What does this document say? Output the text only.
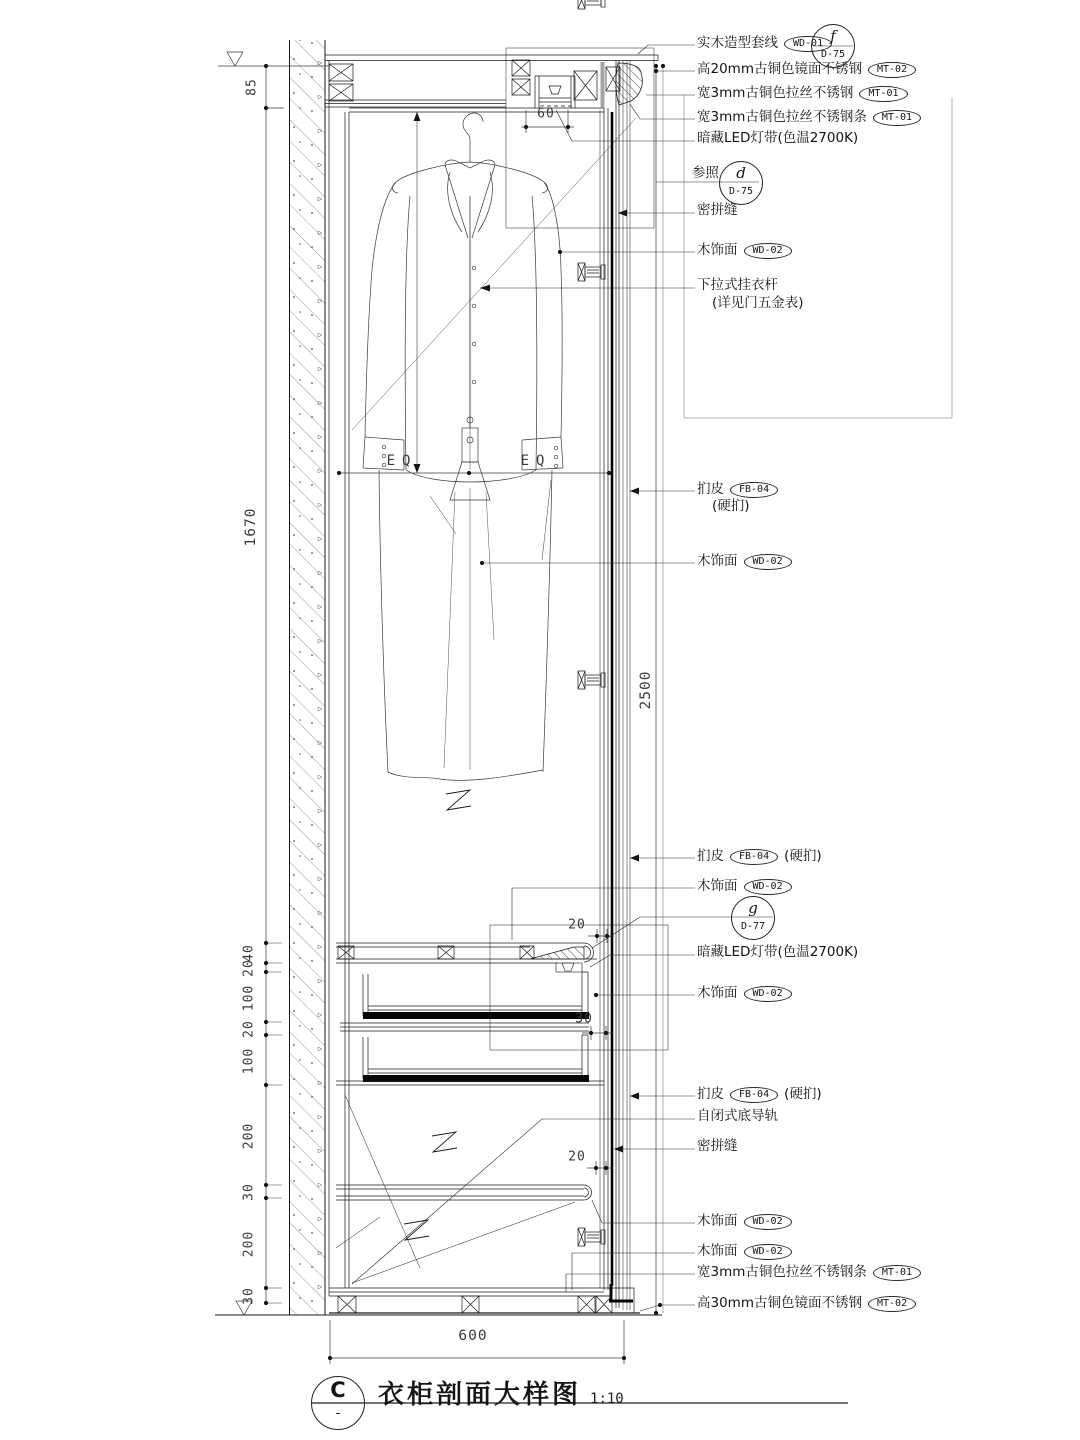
实木造型套线	WD-01
高20mm古铜色镜面不锈钢	MT-02
宽3mm古铜色拉丝不锈钢	MT-01
宽3mm古铜色拉丝不锈钢条	MT-01
暗藏LED灯带(色温2700K)
密拼缝
木饰面	WD-02
下拉式挂衣杆
(详见门五金表)
扪皮	FB-04
(硬扪)
木饰面	WD-02
扪皮	FB-04	(硬扪)
木饰面	WD-02
暗藏LED灯带(色温2700K)
木饰面	WD-02
扪皮	FB-04	(硬扪)
自闭式底导轨
密拼缝
木饰面	WD-02
木饰面	WD-02
宽3mm古铜色拉丝不锈钢条	MT-01
高30mm古铜色镜面不锈钢	MT-02
f
D-75
参照	d
D-75
g
D-77
85
1670
40
20
100
20
100
200
30
200
30
2500
600
60
20
30
20
EQ	EQ
C
-
衣柜剖面大样图 1:10
